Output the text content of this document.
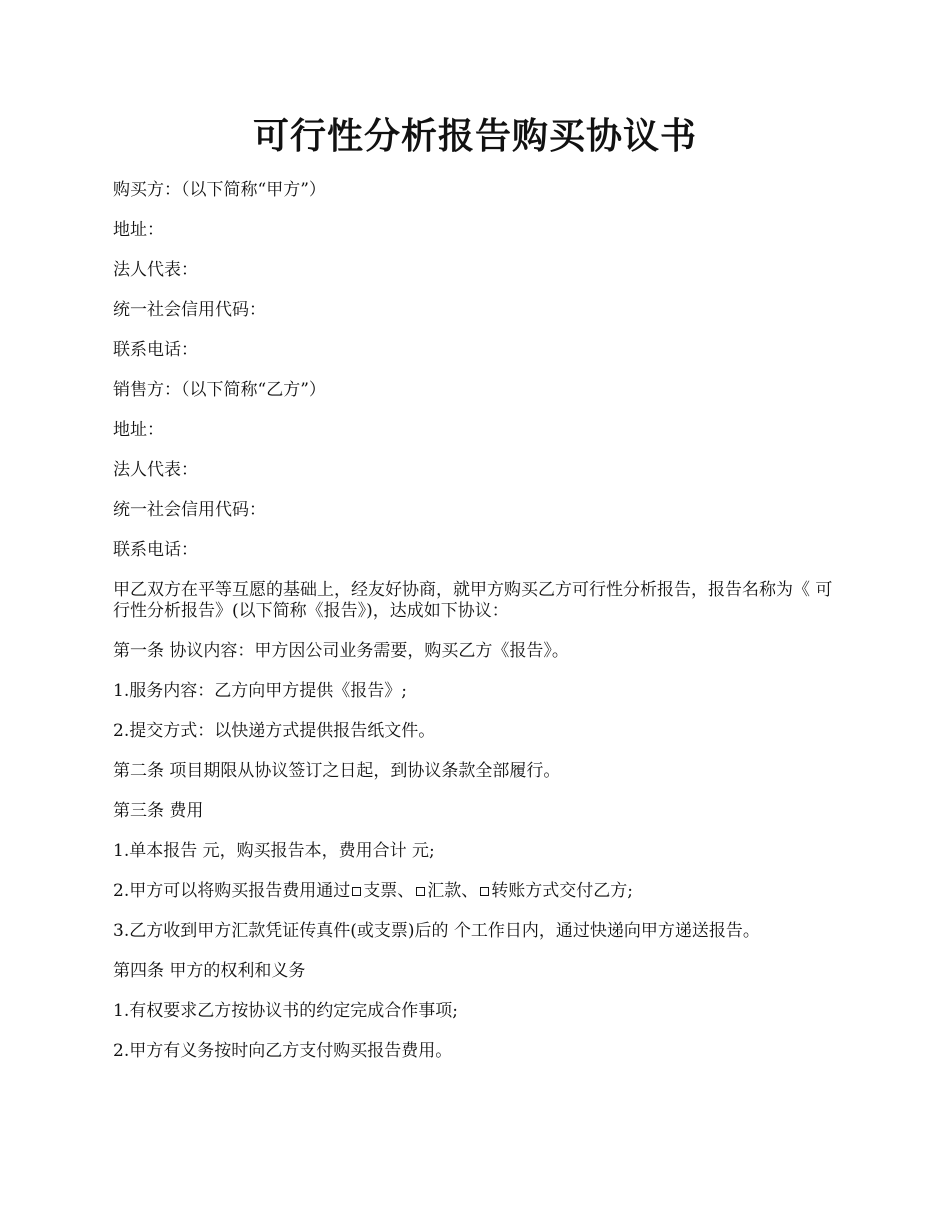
可行性分析报告购买协议书

购买方：（以下简称“甲方”）

地址：

法人代表：

统一社会信用代码：

联系电话：

销售方：（以下简称“乙方”）

地址：

法人代表：

统一社会信用代码：

联系电话：

甲乙双方在平等互愿的基础上，经友好协商，就甲方购买乙方可行性分析报告，报告名称为《 可行性分析报告》(以下简称《报告》)，达成如下协议：

第一条 协议内容：甲方因公司业务需要，购买乙方《报告》。

1.服务内容：乙方向甲方提供《报告》;

2.提交方式：以快递方式提供报告纸文件。

第二条 项目期限从协议签订之日起，到协议条款全部履行。

第三条 费用

1.单本报告 元，购买报告本，费用合计 元;

2.甲方可以将购买报告费用通过 支票、 汇款、 转账方式交付乙方;

3.乙方收到甲方汇款凭证传真件(或支票)后的 个工作日内，通过快递向甲方递送报告。

第四条 甲方的权利和义务

1.有权要求乙方按协议书的约定完成合作事项;

2.甲方有义务按时向乙方支付购买报告费用。
